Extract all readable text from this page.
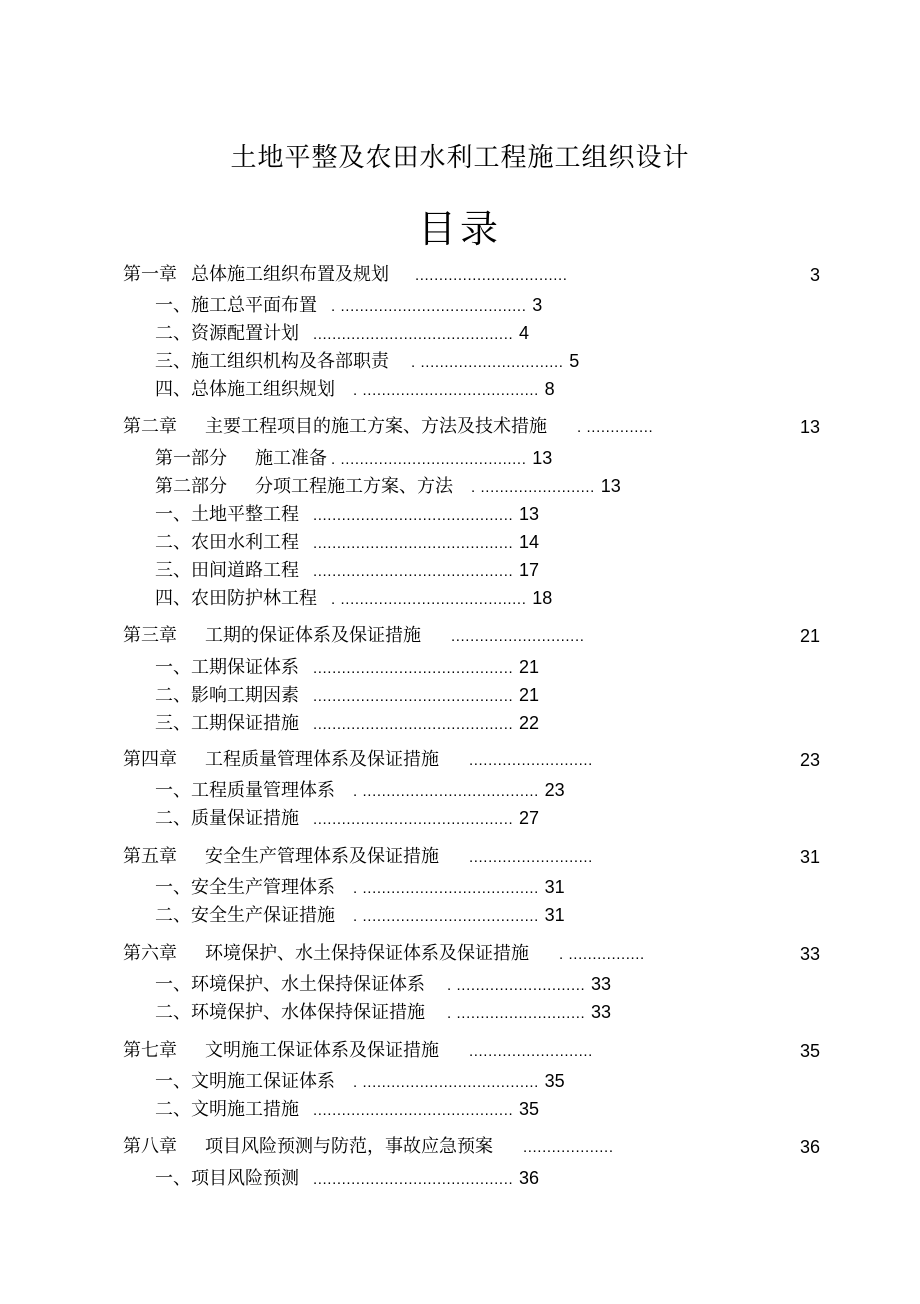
土地平整及农田水利工程施工组织设计
目录
第一章 总体施工组织布置及规划 ................................	3
一、施工总平面布置 . ....................................... 3
二、资源配置计划 .......................................... 4
三、施工组织机构及各部职责 . .............................. 5
四、总体施工组织规划 . ..................................... 8
第二章 主要工程项目的施工方案、方法及技术措施 . ..............	13
第一部分 施工准备 . ....................................... 13
第二部分 分项工程施工方案、方法 . ........................ 13
一、土地平整工程 .......................................... 13
二、农田水利工程 .......................................... 14
三、田间道路工程 .......................................... 17
四、农田防护林工程 . ....................................... 18
第三章 工期的保证体系及保证措施 ............................	21
一、工期保证体系 .......................................... 21
二、影响工期因素 .......................................... 21
三、工期保证措施 .......................................... 22
第四章 工程质量管理体系及保证措施 ..........................	23
一、工程质量管理体系 . ..................................... 23
二、质量保证措施 .......................................... 27
第五章 安全生产管理体系及保证措施 ..........................	31
一、安全生产管理体系 . ..................................... 31
二、安全生产保证措施 . ..................................... 31
第六章 环境保护、水土保持保证体系及保证措施 . ................	33
一、环境保护、水土保持保证体系 . ........................... 33
二、环境保护、水体保持保证措施 . ........................... 33
第七章 文明施工保证体系及保证措施 ..........................	35
一、文明施工保证体系 . ..................................... 35
二、文明施工措施 .......................................... 35
第八章 项目风险预测与防范，事故应急预案 ...................	36
一、项目风险预测 .......................................... 36
